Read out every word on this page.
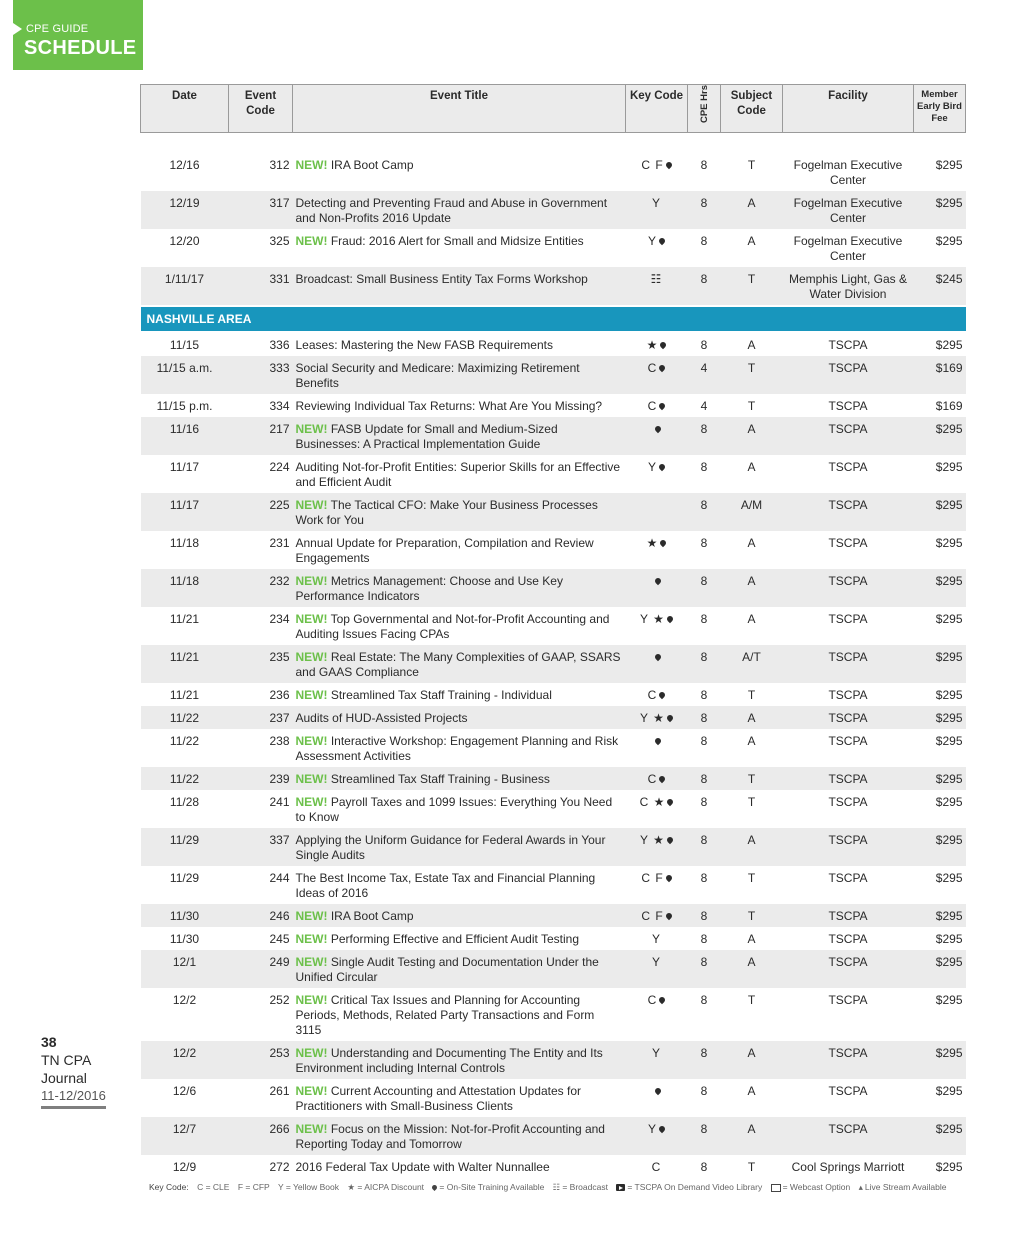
CPE GUIDE
SCHEDULE
Date	Event Code	Event Title	Key Code	CPE Hrs	Subject Code	Facility	Member Early Bird Fee

12/16	312	NEW! IRA Boot Camp	C F	8	T	Fogelman Executive Center	$295
12/19	317	Detecting and Preventing Fraud and Abuse in Government and Non-Profits 2016 Update	Y	8	A	Fogelman Executive Center	$295
12/20	325	NEW! Fraud: 2016 Alert for Small and Midsize Entities	Y	8	A	Fogelman Executive Center	$295
1/11/17	331	Broadcast: Small Business Entity Tax Forms Workshop	☷	8	T	Memphis Light, Gas & Water Division	$245
NASHVILLE AREA							
11/15	336	Leases: Mastering the New FASB Requirements	★	8	A	TSCPA	$295
11/15 a.m.	333	Social Security and Medicare: Maximizing Retirement Benefits	C	4	T	TSCPA	$169
11/15 p.m.	334	Reviewing Individual Tax Returns: What Are You Missing?	C	4	T	TSCPA	$169
11/16	217	NEW! FASB Update for Small and Medium-Sized Businesses: A Practical Implementation Guide		8	A	TSCPA	$295
11/17	224	Auditing Not-for-Profit Entities: Superior Skills for an Effective and Efficient Audit	Y	8	A	TSCPA	$295
11/17	225	NEW! The Tactical CFO: Make Your Business Processes Work for You		8	A/M	TSCPA	$295
11/18	231	Annual Update for Preparation, Compilation and Review Engagements	★	8	A	TSCPA	$295
11/18	232	NEW! Metrics Management: Choose and Use Key Performance Indicators		8	A	TSCPA	$295
11/21	234	NEW! Top Governmental and Not-for-Profit Accounting and Auditing Issues Facing CPAs	Y ★	8	A	TSCPA	$295
11/21	235	NEW! Real Estate: The Many Complexities of GAAP, SSARS and GAAS Compliance		8	A/T	TSCPA	$295
11/21	236	NEW! Streamlined Tax Staff Training - Individual	C	8	T	TSCPA	$295
11/22	237	Audits of HUD-Assisted Projects	Y ★	8	A	TSCPA	$295
11/22	238	NEW! Interactive Workshop: Engagement Planning and Risk Assessment Activities		8	A	TSCPA	$295
11/22	239	NEW! Streamlined Tax Staff Training - Business	C	8	T	TSCPA	$295
11/28	241	NEW! Payroll Taxes and 1099 Issues: Everything You Need to Know	C ★	8	T	TSCPA	$295
11/29	337	Applying the Uniform Guidance for Federal Awards in Your Single Audits	Y ★	8	A	TSCPA	$295
11/29	244	The Best Income Tax, Estate Tax and Financial Planning Ideas of 2016	C F	8	T	TSCPA	$295
11/30	246	NEW! IRA Boot Camp	C F	8	T	TSCPA	$295
11/30	245	NEW! Performing Effective and Efficient Audit Testing	Y	8	A	TSCPA	$295
12/1	249	NEW! Single Audit Testing and Documentation Under the Unified Circular	Y	8	A	TSCPA	$295
12/2	252	NEW! Critical Tax Issues and Planning for Accounting Periods, Methods, Related Party Transactions and Form 3115	C	8	T	TSCPA	$295
12/2	253	NEW! Understanding and Documenting The Entity and Its Environment including Internal Controls	Y	8	A	TSCPA	$295
12/6	261	NEW! Current Accounting and Attestation Updates for Practitioners with Small-Business Clients		8	A	TSCPA	$295
12/7	266	NEW! Focus on the Mission: Not-for-Profit Accounting and Reporting Today and Tomorrow	Y	8	A	TSCPA	$295
12/9	272	2016 Federal Tax Update with Walter Nunnallee	C	8	T	Cool Springs Marriott	$295
38
TN CPA
Journal
11-12/2016
Key Code: C = CLE F = CFP Y = Yellow Book ★ = AICPA Discount = On-Site Training Available ☷ = Broadcast = TSCPA On Demand Video Library = Webcast Option ▴ Live Stream Available
